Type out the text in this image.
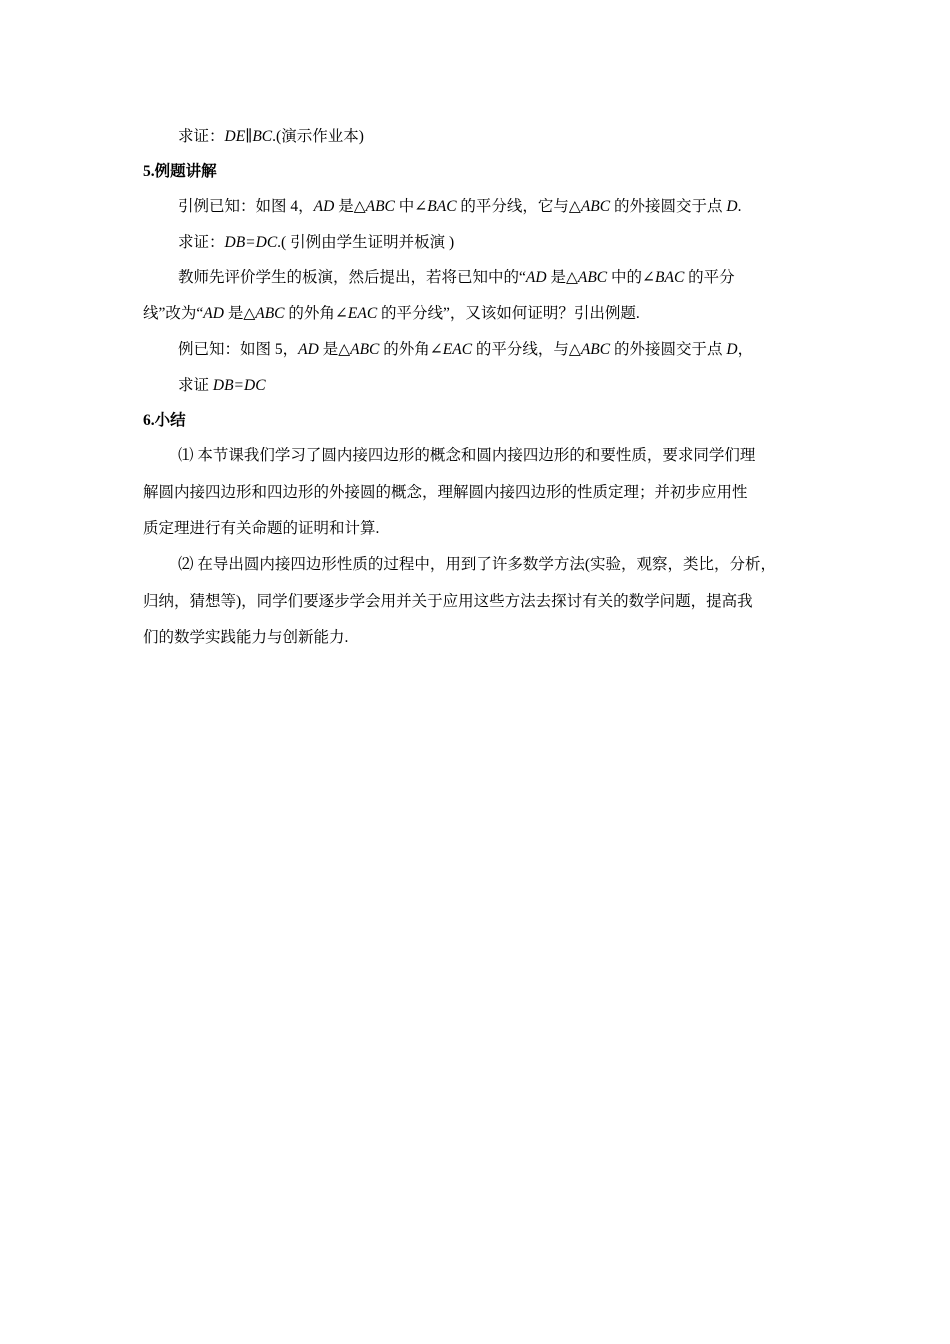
求证：DE∥BC.(演示作业本)
5.例题讲解
引例已知：如图 4，AD 是△ABC 中∠BAC 的平分线，它与△ABC 的外接圆交于点 D.
求证：DB=DC.( 引例由学生证明并板演 )
教师先评价学生的板演，然后提出，若将已知中的“AD 是△ABC 中的∠BAC 的平分
线”改为“AD 是△ABC 的外角∠EAC 的平分线”，又该如何证明？引出例题.
例已知：如图 5，AD 是△ABC 的外角∠EAC 的平分线，与△ABC 的外接圆交于点 D，
求证 DB=DC
6.小结
⑴ 本节课我们学习了圆内接四边形的概念和圆内接四边形的和要性质，要求同学们理
解圆内接四边形和四边形的外接圆的概念，理解圆内接四边形的性质定理；并初步应用性
质定理进行有关命题的证明和计算.
⑵ 在导出圆内接四边形性质的过程中，用到了许多数学方法(实验，观察，类比，分析，
归纳，猜想等)，同学们要逐步学会用并关于应用这些方法去探讨有关的数学问题，提高我
们的数学实践能力与创新能力.
